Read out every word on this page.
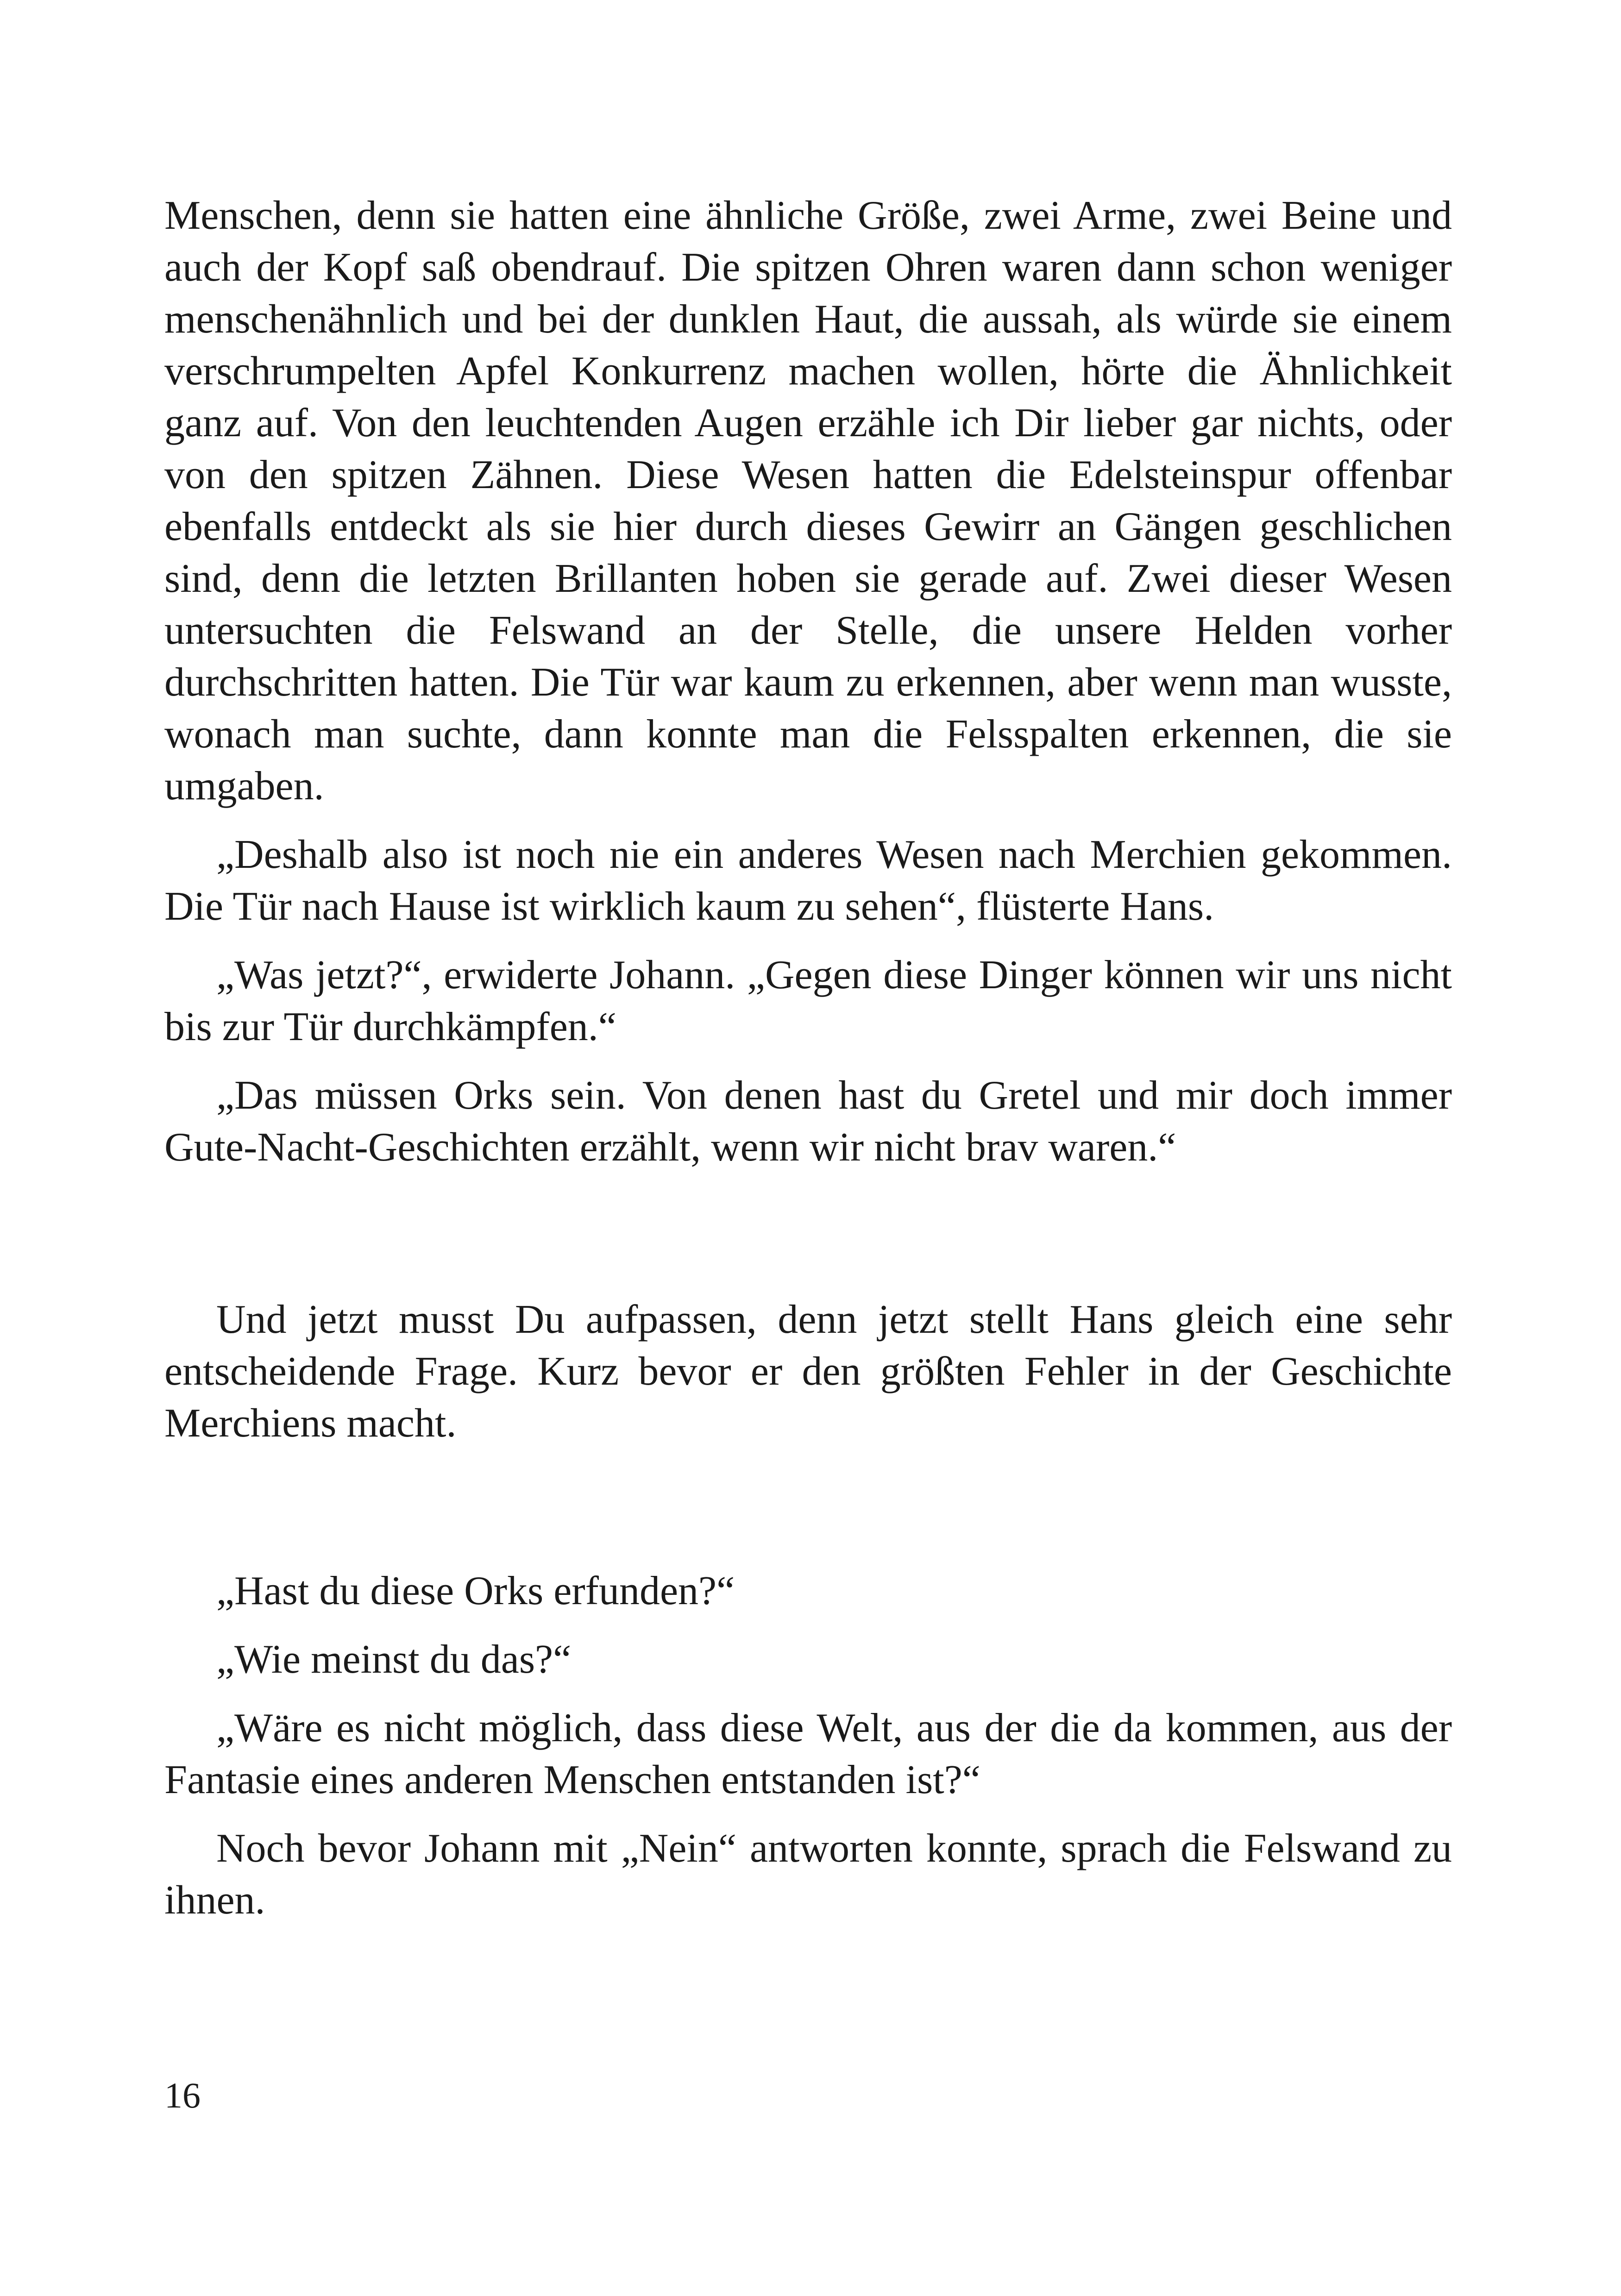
Menschen, denn sie hatten eine ähnliche Größe, zwei Arme, zwei Beine und auch der Kopf saß obendrauf. Die spitzen Ohren waren dann schon weniger menschenähnlich und bei der dunklen Haut, die aussah, als würde sie einem verschrumpelten Apfel Konkurrenz machen wollen, hörte die Ähnlichkeit ganz auf. Von den leuchtenden Augen erzähle ich Dir lieber gar nichts, oder von den spitzen Zähnen. Diese Wesen hatten die Edelsteinspur offenbar ebenfalls entdeckt als sie hier durch dieses Gewirr an Gängen geschlichen sind, denn die letzten Brillanten hoben sie gerade auf. Zwei dieser Wesen untersuchten die Felswand an der Stelle, die unsere Helden vorher durchschritten hatten. Die Tür war kaum zu erkennen, aber wenn man wusste, wonach man suchte, dann konnte man die Felsspalten erkennen, die sie umgaben.

„Deshalb also ist noch nie ein anderes Wesen nach Merchien gekommen. Die Tür nach Hause ist wirklich kaum zu sehen“, flüsterte Hans.

„Was jetzt?“, erwiderte Johann. „Gegen diese Dinger können wir uns nicht bis zur Tür durchkämpfen.“

„Das müssen Orks sein. Von denen hast du Gretel und mir doch immer Gute-Nacht-Geschichten erzählt, wenn wir nicht brav waren.“

Und jetzt musst Du aufpassen, denn jetzt stellt Hans gleich eine sehr entscheidende Frage. Kurz bevor er den größten Fehler in der Geschichte Merchiens macht.

„Hast du diese Orks erfunden?“

„Wie meinst du das?“

„Wäre es nicht möglich, dass diese Welt, aus der die da kommen, aus der Fantasie eines anderen Menschen entstanden ist?“

Noch bevor Johann mit „Nein“ antworten konnte, sprach die Felswand zu ihnen.

16
